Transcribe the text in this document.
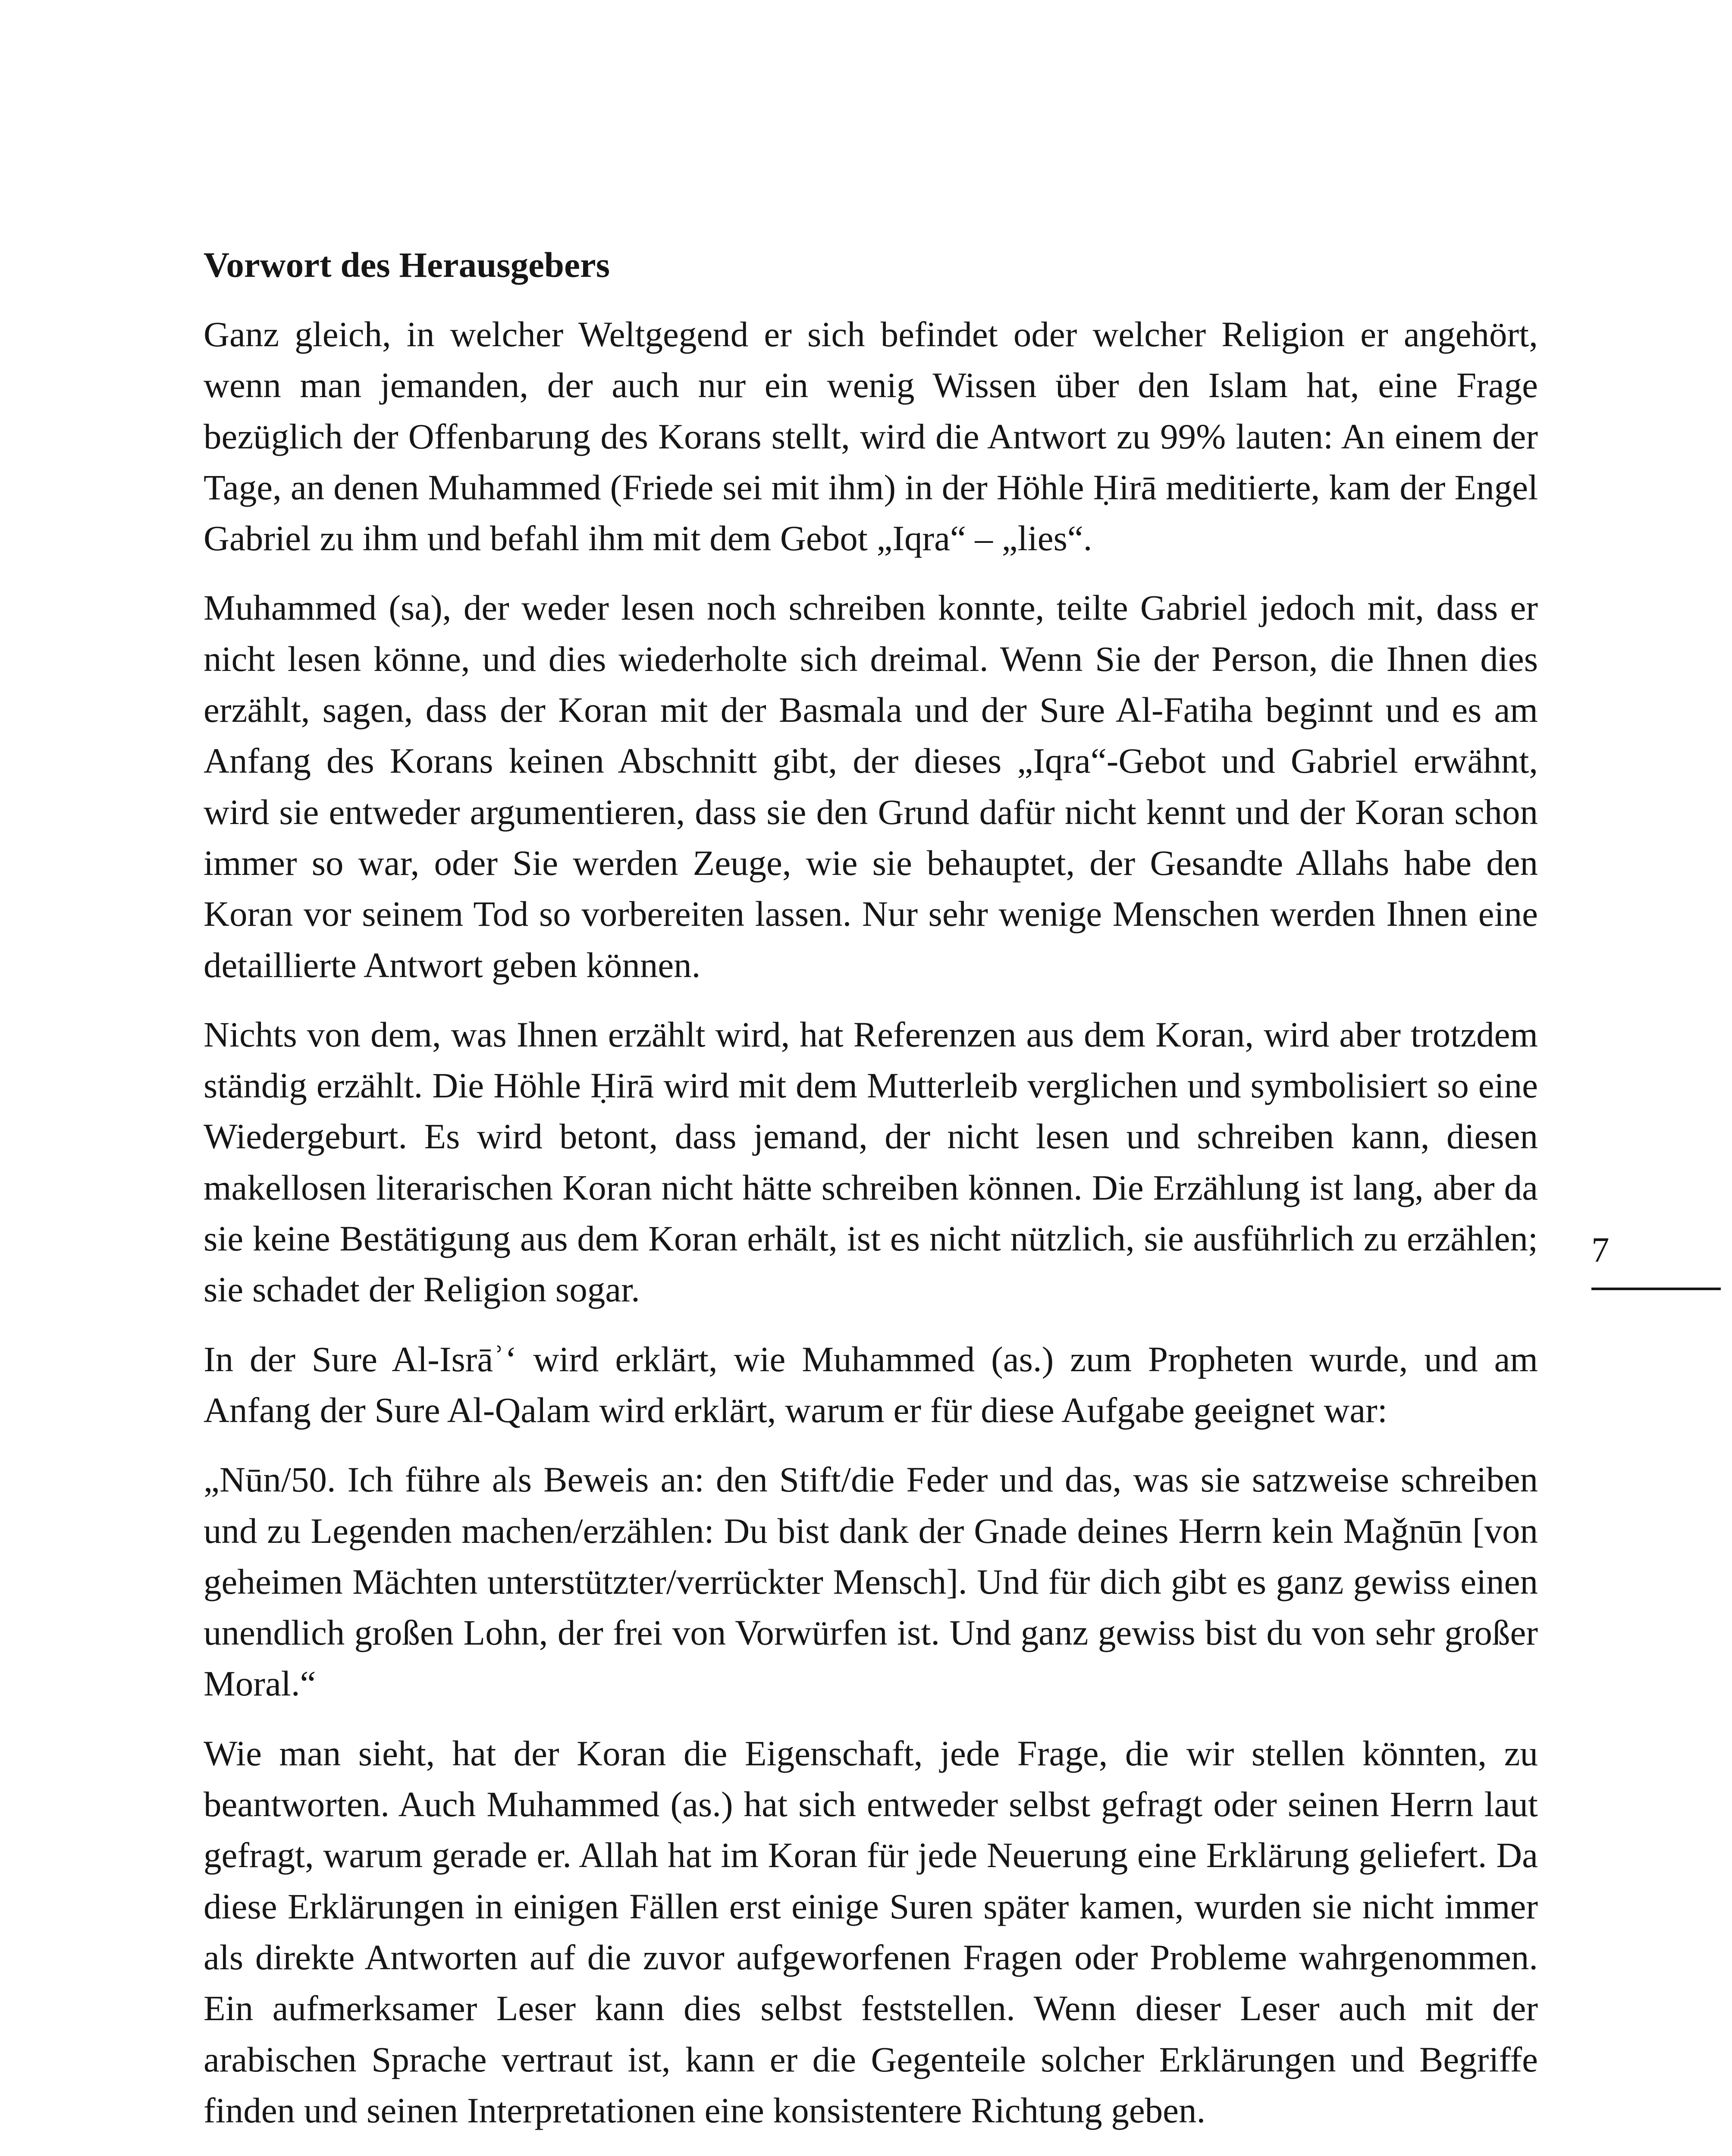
Vorwort des Herausgebers

Ganz gleich, in welcher Weltgegend er sich befindet oder welcher Religion er angehört, wenn man jemanden, der auch nur ein wenig Wissen über den Islam hat, eine Frage bezüglich der Offenbarung des Korans stellt, wird die Antwort zu 99% lauten: An einem der Tage, an denen Muhammed (Friede sei mit ihm) in der Höhle Ḥirā meditierte, kam der Engel Gabriel zu ihm und befahl ihm mit dem Gebot „Iqra“ – „lies“.

Muhammed (sa), der weder lesen noch schreiben konnte, teilte Gabriel jedoch mit, dass er nicht lesen könne, und dies wiederholte sich dreimal. Wenn Sie der Person, die Ihnen dies erzählt, sagen, dass der Koran mit der Basmala und der Sure Al-Fatiha beginnt und es am Anfang des Korans keinen Abschnitt gibt, der dieses „Iqra“-Gebot und Gabriel erwähnt, wird sie entweder argumentieren, dass sie den Grund dafür nicht kennt und der Koran schon immer so war, oder Sie werden Zeuge, wie sie behauptet, der Gesandte Allahs habe den Koran vor seinem Tod so vorbereiten lassen. Nur sehr wenige Menschen werden Ihnen eine detaillierte Antwort geben können.

Nichts von dem, was Ihnen erzählt wird, hat Referenzen aus dem Koran, wird aber trotzdem ständig erzählt. Die Höhle Ḥirā wird mit dem Mutterleib verglichen und symbolisiert so eine Wiedergeburt. Es wird betont, dass jemand, der nicht lesen und schreiben kann, diesen makellosen literarischen Koran nicht hätte schreiben können. Die Erzählung ist lang, aber da sie keine Bestätigung aus dem Koran erhält, ist es nicht nützlich, sie ausführlich zu erzählen; sie schadet der Religion sogar.

In der Sure Al-Isrāʾ‘ wird erklärt, wie Muhammed (as.) zum Propheten wurde, und am Anfang der Sure Al-Qalam wird erklärt, warum er für diese Aufgabe geeignet war:

„Nūn/50. Ich führe als Beweis an: den Stift/die Feder und das, was sie satzweise schreiben und zu Legenden machen/erzählen: Du bist dank der Gnade deines Herrn kein Maǧnūn [von geheimen Mächten unterstützter/verrückter Mensch]. Und für dich gibt es ganz gewiss einen unendlich großen Lohn, der frei von Vorwürfen ist. Und ganz gewiss bist du von sehr großer Moral.“

Wie man sieht, hat der Koran die Eigenschaft, jede Frage, die wir stellen könnten, zu beantworten. Auch Muhammed (as.) hat sich entweder selbst gefragt oder seinen Herrn laut gefragt, warum gerade er. Allah hat im Koran für jede Neuerung eine Erklärung geliefert. Da diese Erklärungen in einigen Fällen erst einige Suren später kamen, wurden sie nicht immer als direkte Antworten auf die zuvor aufgeworfenen Fragen oder Probleme wahrgenommen. Ein aufmerksamer Leser kann dies selbst feststellen. Wenn dieser Leser auch mit der arabischen Sprache vertraut ist, kann er die Gegenteile solcher Erklärungen und Begriffe finden und seinen Interpretationen eine konsistentere Richtung geben.

7
